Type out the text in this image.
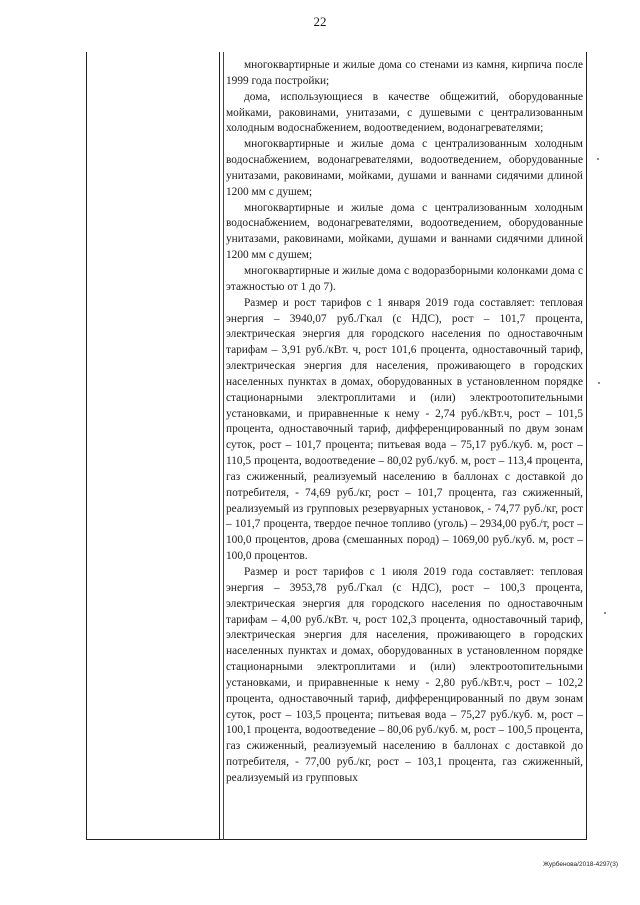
22

многоквартирные и жилые дома со стенами из камня, кирпича после 1999 года постройки;

дома, использующиеся в качестве общежитий, оборудованные мойками, раковинами, унитазами, с душевыми с централизованным холодным водоснабжением, водоотведением, водонагревателями;

многоквартирные и жилые дома с централизованным холодным водоснабжением, водонагревателями, водоотведением, оборудованные унитазами, раковинами, мойками, душами и ваннами сидячими длиной 1200 мм с душем;

многоквартирные и жилые дома с централизованным холодным водоснабжением, водонагревателями, водоотведением, оборудованные унитазами, раковинами, мойками, душами и ваннами сидячими длиной 1200 мм с душем;

многоквартирные и жилые дома с водоразборными колонками дома с этажностью от 1 до 7).

Размер и рост тарифов с 1 января 2019 года составляет: тепловая энергия – 3940,07 руб./Гкал (с НДС), рост – 101,7 процента, электрическая энергия для городского населения по одноставочным тарифам – 3,91 руб./кВт. ч, рост 101,6 процента, одноставочный тариф, электрическая энергия для населения, проживающего в городских населенных пунктах в домах, оборудованных в установленном порядке стационарными электроплитами и (или) электроотопительными установками, и приравненные к нему - 2,74 руб./кВт.ч, рост – 101,5 процента, одноставочный тариф, дифференцированный по двум зонам суток, рост – 101,7 процента; питьевая вода – 75,17 руб./куб. м, рост – 110,5 процента, водоотведение – 80,02 руб./куб. м, рост – 113,4 процента, газ сжиженный, реализуемый населению в баллонах с доставкой до потребителя, - 74,69 руб./кг, рост – 101,7 процента, газ сжиженный, реализуемый из групповых резервуарных установок, - 74,77 руб./кг, рост – 101,7 процента, твердое печное топливо (уголь) – 2934,00 руб./т, рост – 100,0 процентов, дрова (смешанных пород) – 1069,00 руб./куб. м, рост – 100,0 процентов.

Размер и рост тарифов с 1 июля 2019 года составляет: тепловая энергия – 3953,78 руб./Гкал (с НДС), рост – 100,3 процента, электрическая энергия для городского населения по одноставочным тарифам – 4,00 руб./кВт. ч, рост 102,3 процента, одноставочный тариф, электрическая энергия для населения, проживающего в городских населенных пунктах и домах, оборудованных в установленном порядке стационарными электроплитами и (или) электроотопительными установками, и приравненные к нему - 2,80 руб./кВт.ч, рост – 102,2 процента, одноставочный тариф, дифференцированный по двум зонам суток, рост – 103,5 процента; питьевая вода – 75,27 руб./куб. м, рост – 100,1 процента, водоотведение – 80,06 руб./куб. м, рост – 100,5 процента, газ сжиженный, реализуемый населению в баллонах с доставкой до потребителя, - 77,00 руб./кг, рост – 103,1 процента, газ сжиженный, реализуемый из групповых

Журбенова/2018-4297(3)
